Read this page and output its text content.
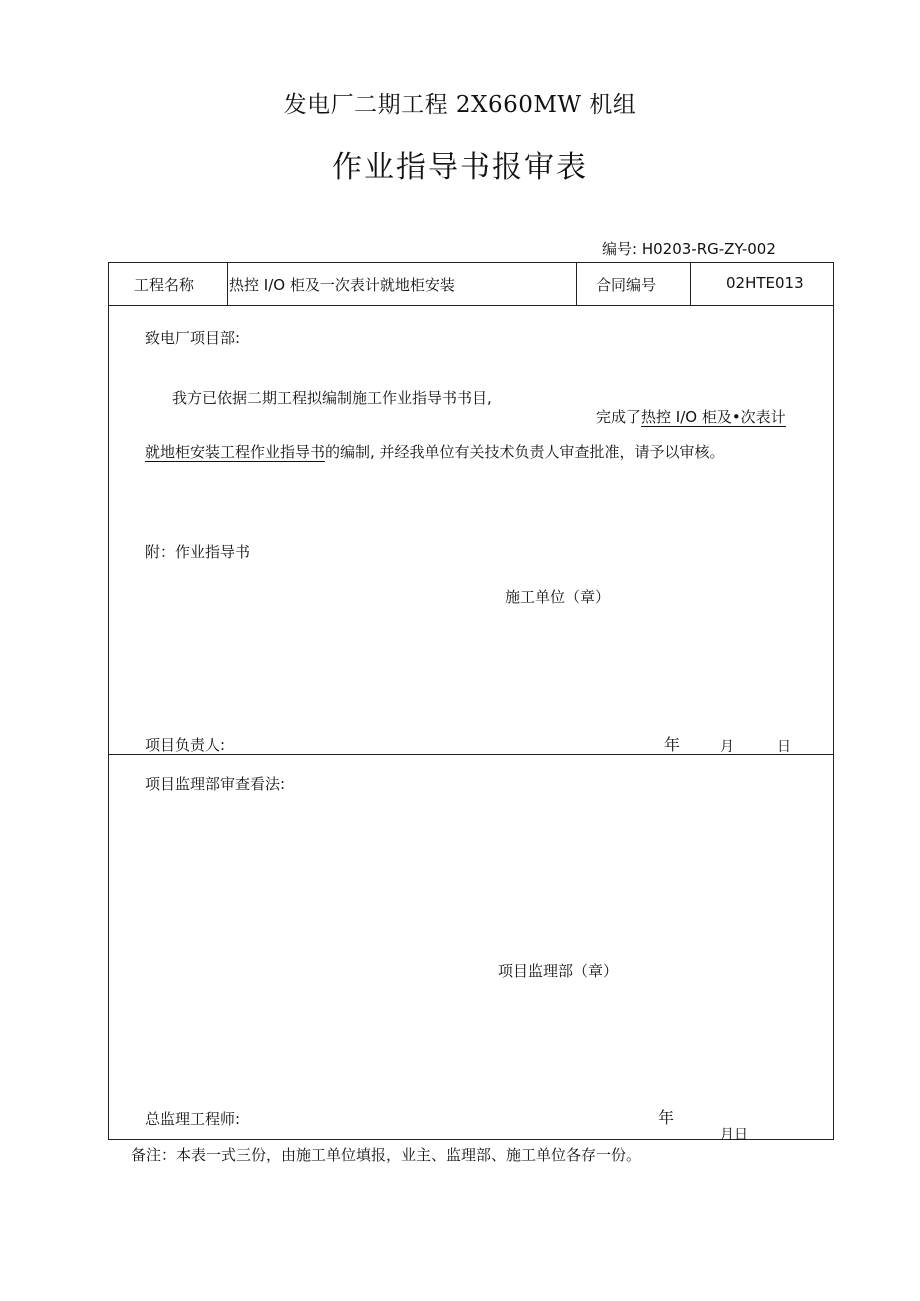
发电厂二期工程 2X660MW 机组
作业指导书报审表
编号: H0203-RG-ZY-002
工程名称 热控 I/O 柜及一次表计就地柜安装	合同编号	02HTE013
致电厂项目部:
我方已依据二期工程拟编制施工作业指导书书目,
完成了热控 I/O 柜及•次表计
就地柜安装工程作业指导书的编制, 并经我单位有关技术负责人审查批准，请予以审核。
附：作业指导书
施工单位（章）
项目负责人:	年	月	日
项目监理部审查看法:
项目监理部（章）
总监理工程师:	年
月日
备注：本表一式三份，由施工单位填报，业主、监理部、施工单位各存一份。
